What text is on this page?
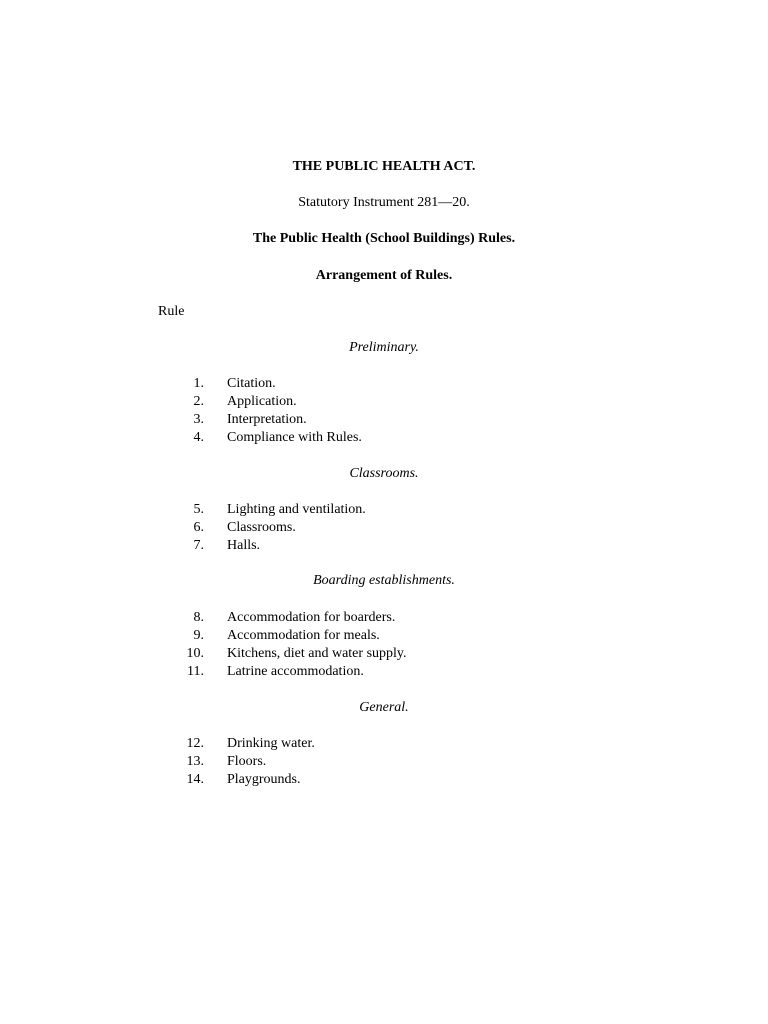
THE PUBLIC HEALTH ACT.
Statutory Instrument 281—20.
The Public Health (School Buildings) Rules.
Arrangement of Rules.
Rule
Preliminary.
1. Citation.
2. Application.
3. Interpretation.
4. Compliance with Rules.
Classrooms.
5. Lighting and ventilation.
6. Classrooms.
7. Halls.
Boarding establishments.
8. Accommodation for boarders.
9. Accommodation for meals.
10. Kitchens, diet and water supply.
11. Latrine accommodation.
General.
12. Drinking water.
13. Floors.
14. Playgrounds.
